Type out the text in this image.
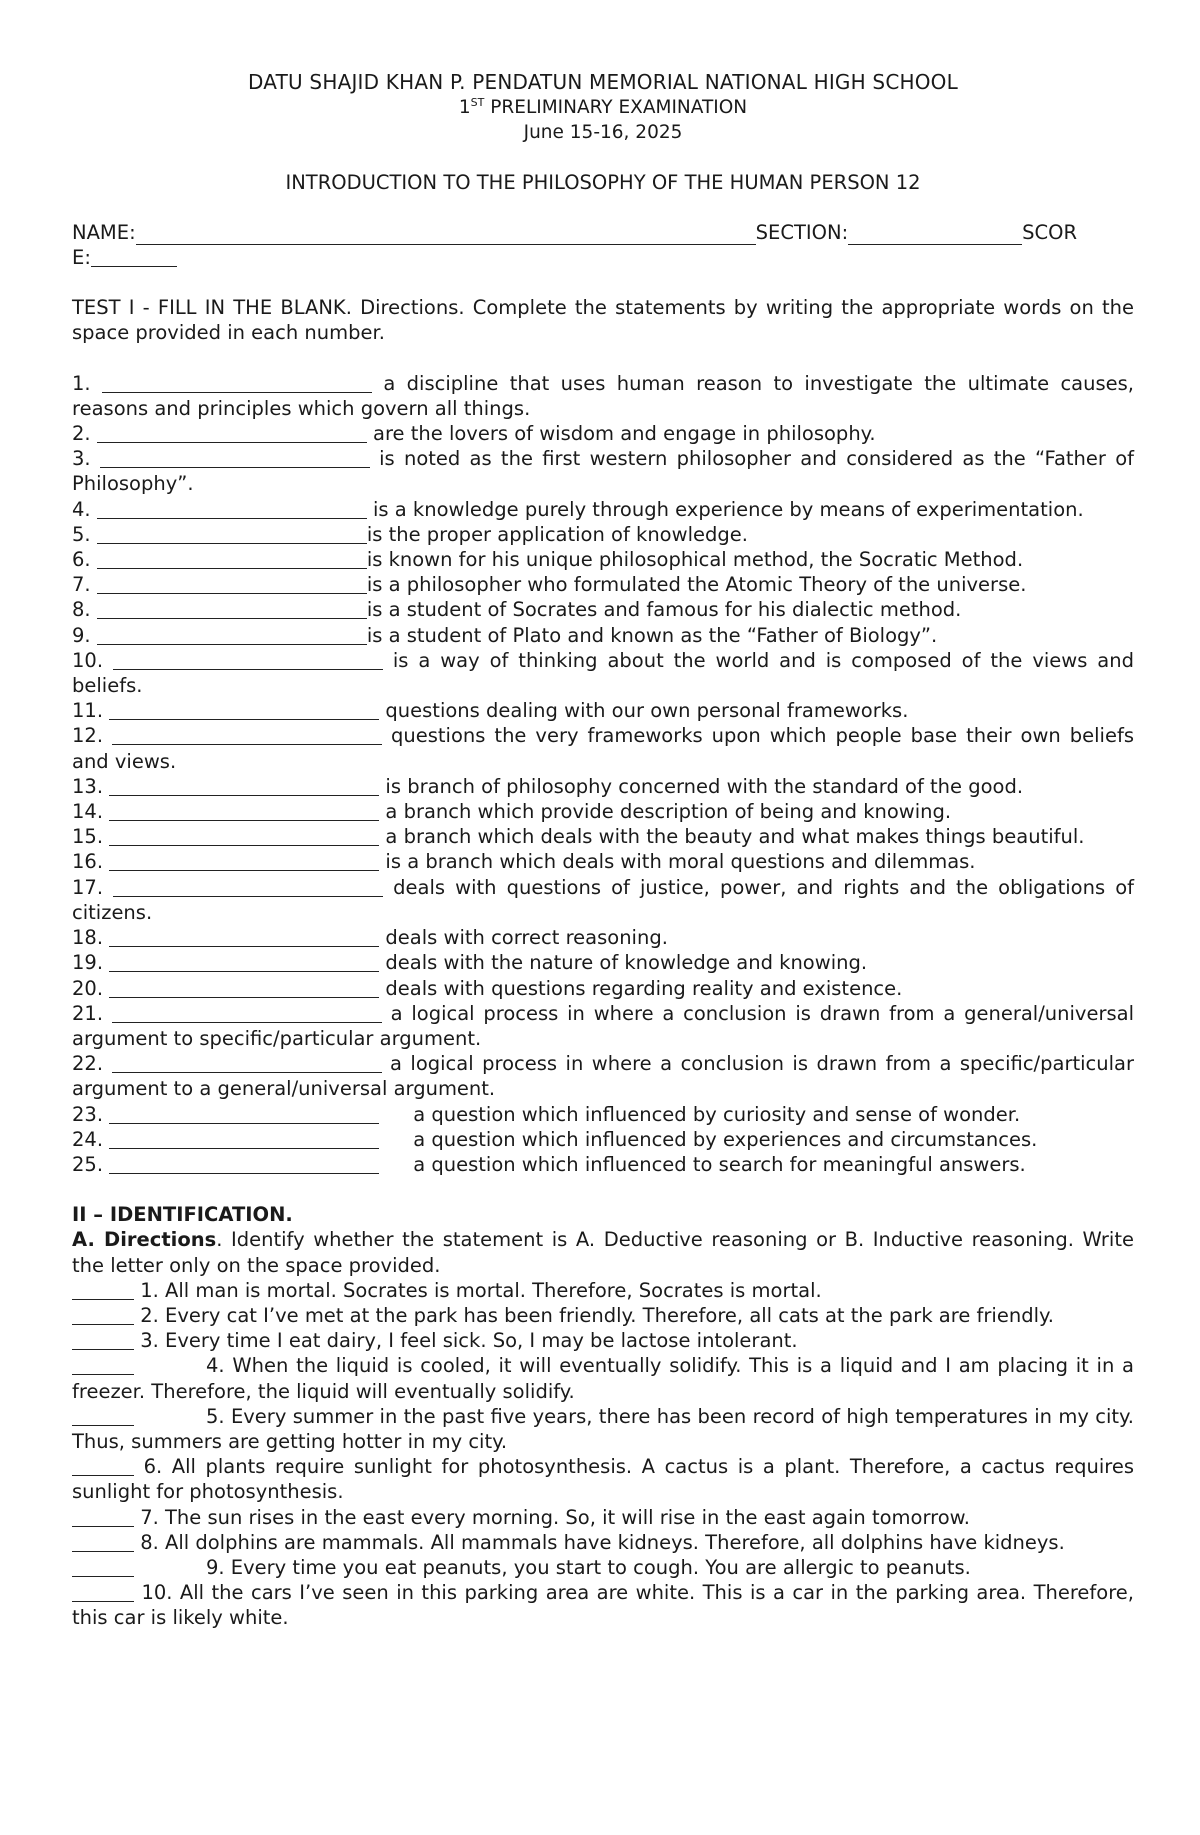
DATU SHAJID KHAN P. PENDATUN MEMORIAL NATIONAL HIGH SCHOOL
1ST PRELIMINARY EXAMINATION
June 15-16, 2025
INTRODUCTION TO THE PHILOSOPHY OF THE HUMAN PERSON 12
NAME:	SECTION:	SCOR
E:
TEST I - FILL IN THE BLANK. Directions. Complete the statements by writing the appropriate words on the space provided in each number.
1.	a discipline that uses human reason to investigate the ultimate causes, reasons and principles which govern all things.
2.	are the lovers of wisdom and engage in philosophy.
3.	is noted as the first western philosopher and considered as the “Father of Philosophy”.
4.	is a knowledge purely through experience by means of experimentation.
5.	is the proper application of knowledge.
6.	is known for his unique philosophical method, the Socratic Method.
7.	is a philosopher who formulated the Atomic Theory of the universe.
8.	is a student of Socrates and famous for his dialectic method.
9.	is a student of Plato and known as the “Father of Biology”.
10.	is a way of thinking about the world and is composed of the views and beliefs.
11.	questions dealing with our own personal frameworks.
12.	questions the very frameworks upon which people base their own beliefs and views.
13.	is branch of philosophy concerned with the standard of the good.
14.	a branch which provide description of being and knowing.
15.	a branch which deals with the beauty and what makes things beautiful.
16.	is a branch which deals with moral questions and dilemmas.
17.	deals with questions of justice, power, and rights and the obligations of citizens.
18.	deals with correct reasoning.
19.	deals with the nature of knowledge and knowing.
20.	deals with questions regarding reality and existence.
21.	a logical process in where a conclusion is drawn from a general/universal argument to specific/particular argument.
22.	a logical process in where a conclusion is drawn from a specific/particular argument to a general/universal argument.
23.	a question which influenced by curiosity and sense of wonder.
24.	a question which influenced by experiences and circumstances.
25.	a question which influenced to search for meaningful answers.
II – IDENTIFICATION.
A. Directions. Identify whether the statement is A. Deductive reasoning or B. Inductive reasoning. Write the letter only on the space provided.
1. All man is mortal. Socrates is mortal. Therefore, Socrates is mortal.
2. Every cat I’ve met at the park has been friendly. Therefore, all cats at the park are friendly.
3. Every time I eat dairy, I feel sick. So, I may be lactose intolerant.
4. When the liquid is cooled, it will eventually solidify. This is a liquid and I am placing it in a freezer. Therefore, the liquid will eventually solidify.
5. Every summer in the past five years, there has been record of high temperatures in my city. Thus, summers are getting hotter in my city.
6. All plants require sunlight for photosynthesis. A cactus is a plant. Therefore, a cactus requires sunlight for photosynthesis.
7. The sun rises in the east every morning. So, it will rise in the east again tomorrow.
8. All dolphins are mammals. All mammals have kidneys. Therefore, all dolphins have kidneys.
9. Every time you eat peanuts, you start to cough. You are allergic to peanuts.
10. All the cars I’ve seen in this parking area are white. This is a car in the parking area. Therefore, this car is likely white.
